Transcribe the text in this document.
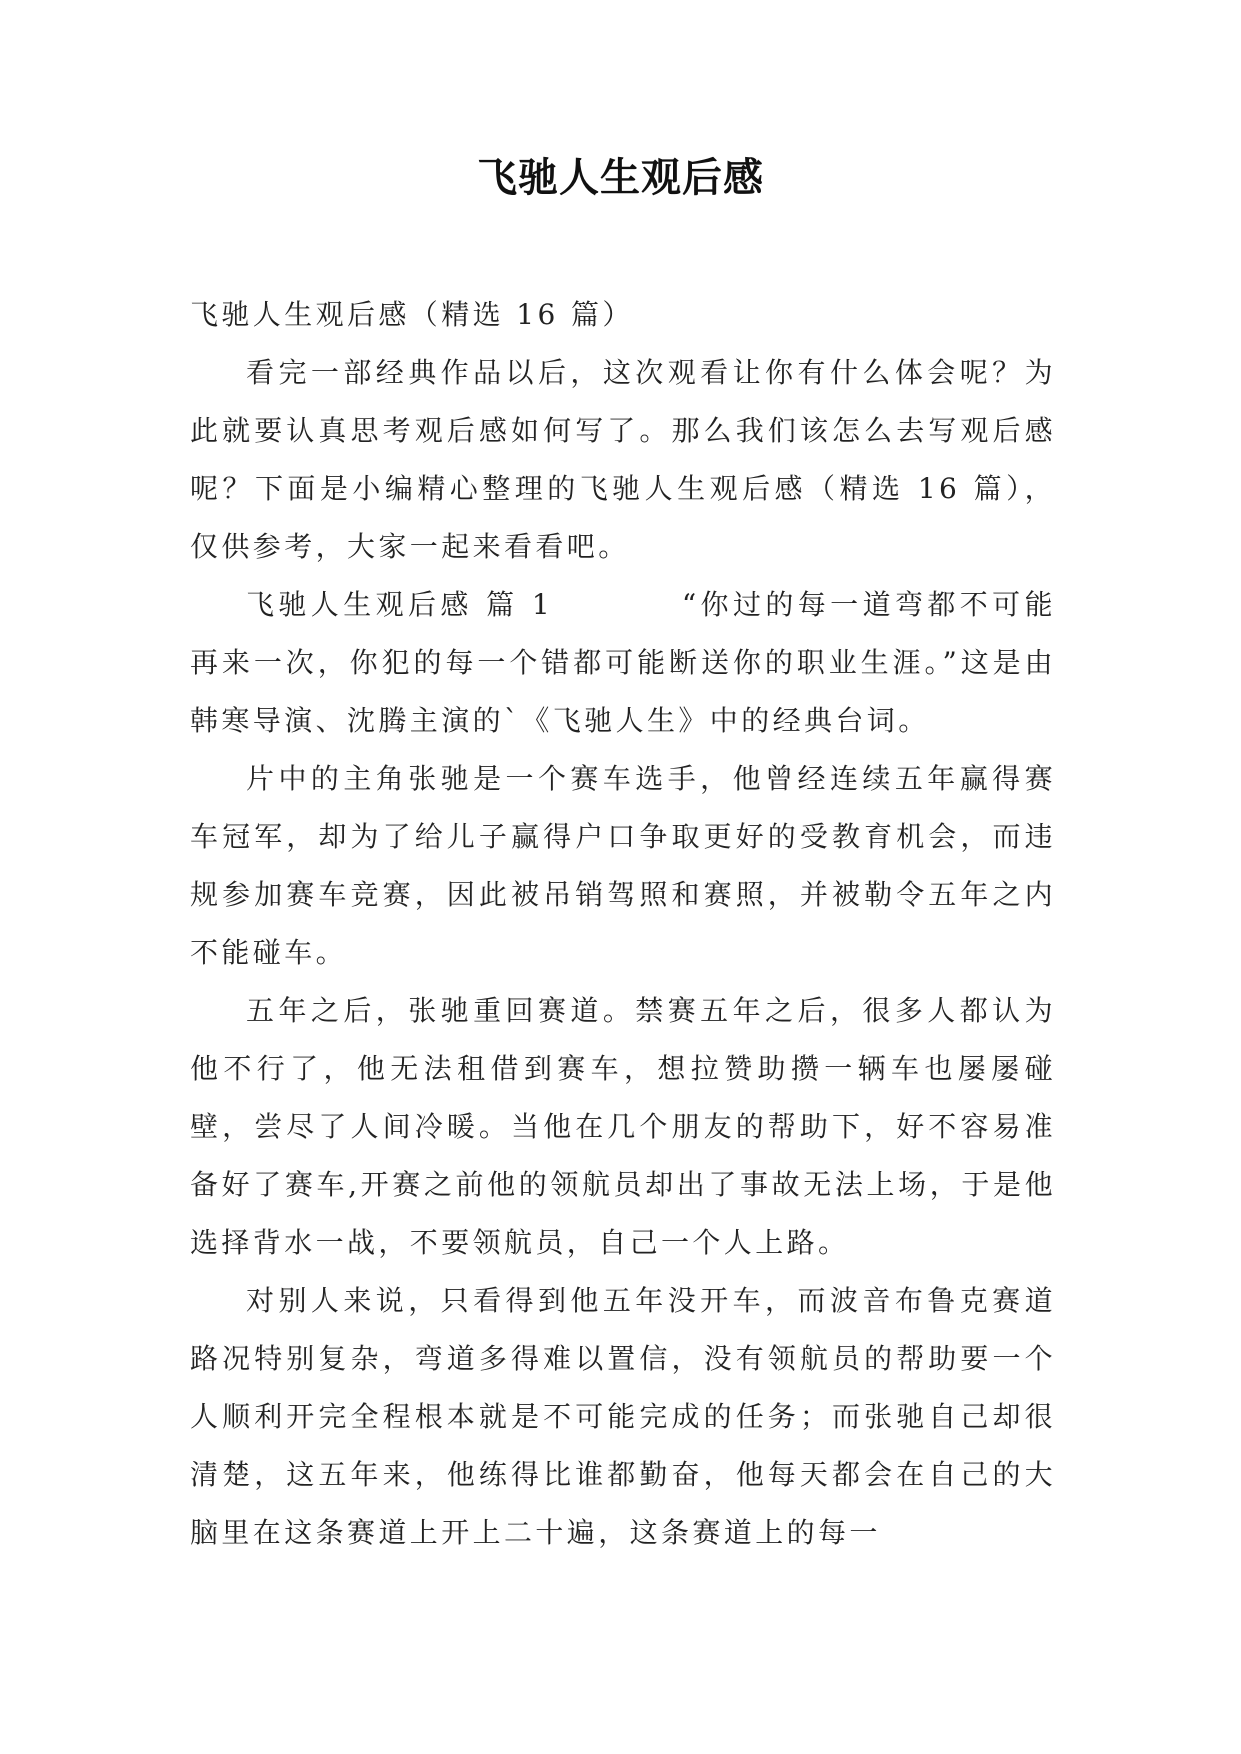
飞驰人生观后感

飞驰人生观后感（精选 16 篇）

看完一部经典作品以后，这次观看让你有什么体会呢？为此就要认真思考观后感如何写了。那么我们该怎么去写观后感呢？下面是小编精心整理的飞驰人生观后感（精选 16 篇），仅供参考，大家一起来看看吧。

飞驰人生观后感 篇 1	“你过的每一道弯都不可能再来一次，你犯的每一个错都可能断送你的职业生涯。”这是由韩寒导演、沈腾主演的`《飞驰人生》中的经典台词。

片中的主角张驰是一个赛车选手，他曾经连续五年赢得赛车冠军，却为了给儿子赢得户口争取更好的受教育机会，而违规参加赛车竞赛，因此被吊销驾照和赛照，并被勒令五年之内不能碰车。

五年之后，张驰重回赛道。禁赛五年之后，很多人都认为他不行了，他无法租借到赛车，想拉赞助攒一辆车也屡屡碰壁，尝尽了人间冷暖。当他在几个朋友的帮助下，好不容易准备好了赛车,开赛之前他的领航员却出了事故无法上场，于是他选择背水一战，不要领航员，自己一个人上路。

对别人来说，只看得到他五年没开车，而波音布鲁克赛道路况特别复杂，弯道多得难以置信，没有领航员的帮助要一个人顺利开完全程根本就是不可能完成的任务；而张驰自己却很清楚，这五年来，他练得比谁都勤奋，他每天都会在自己的大脑里在这条赛道上开上二十遍，这条赛道上的每一
